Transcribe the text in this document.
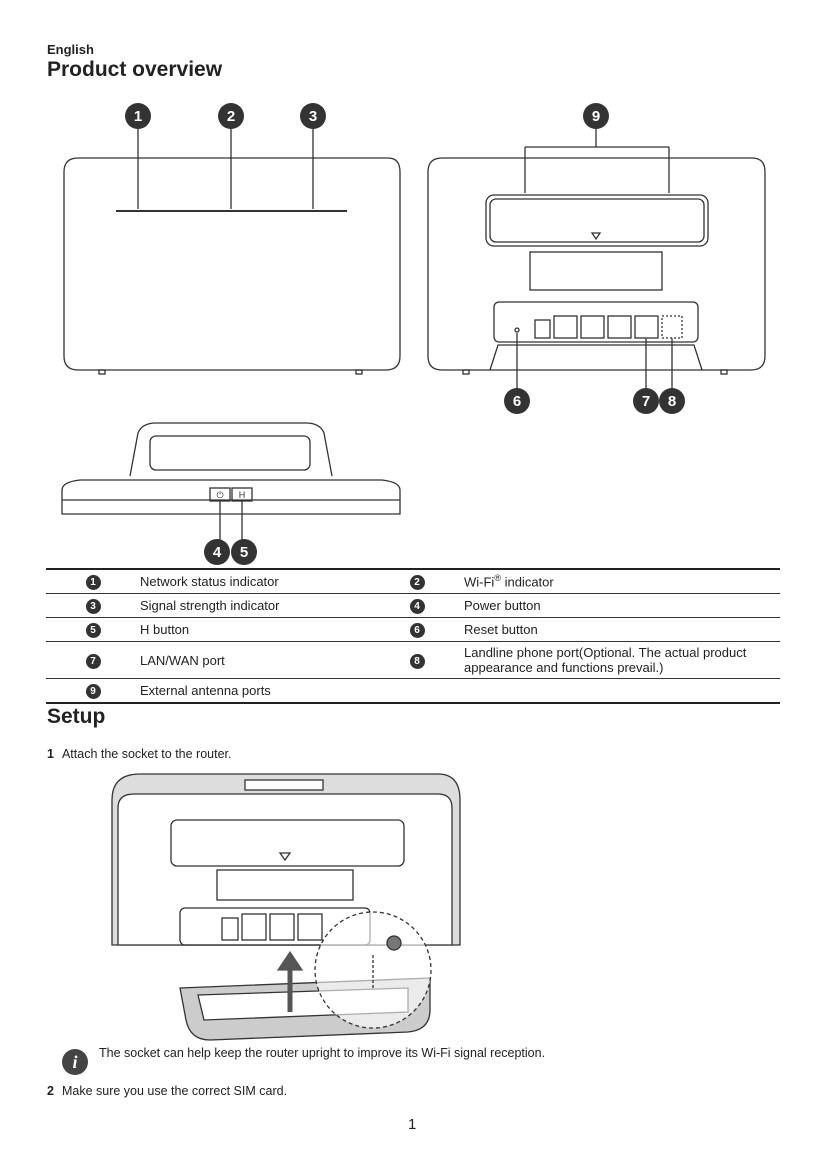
English
Product overview
1	2	3	9
6	7 8
⏻ H
4 5
1	Network status indicator	2	Wi-Fi® indicator
3	Signal strength indicator	4	Power button
5	H button	6	Reset button
7	LAN/WAN port	8	Landline phone port(Optional. The actual product appearance and functions prevail.)
9	External antenna ports		
Setup
1 Attach the socket to the router.
i	The socket can help keep the router upright to improve its Wi-Fi signal reception.
2 Make sure you use the correct SIM card.
1
